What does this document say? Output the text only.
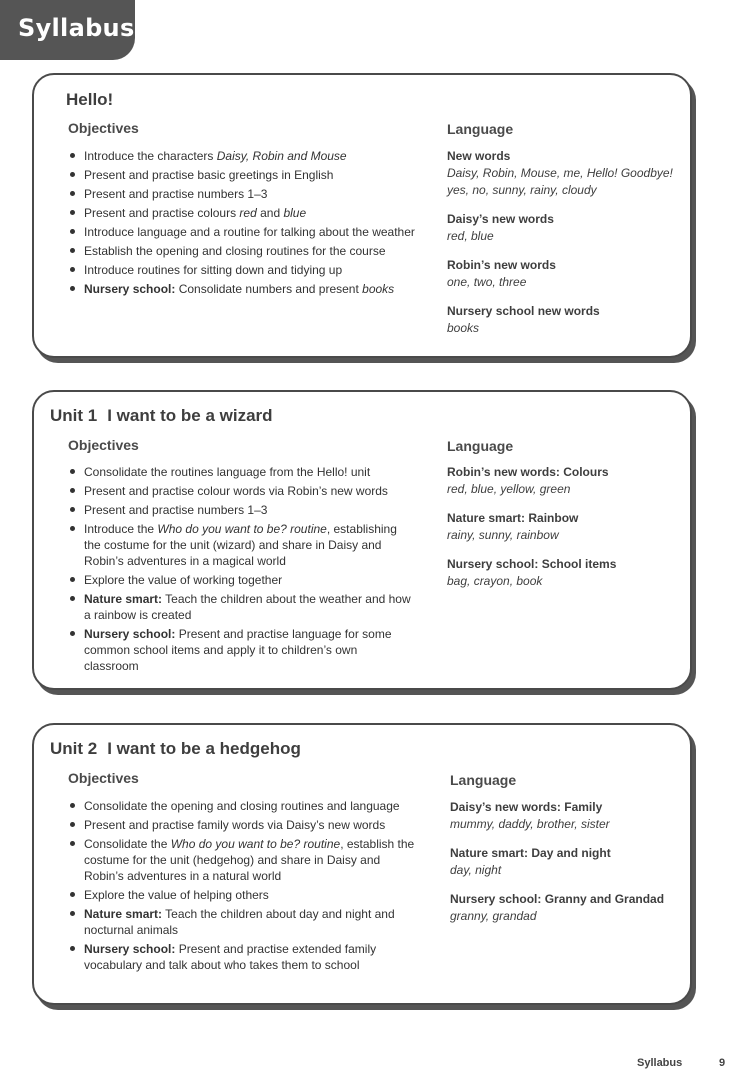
Syllabus
Hello!
Objectives
Introduce the characters Daisy, Robin and Mouse
Present and practise basic greetings in English
Present and practise numbers 1–3
Present and practise colours red and blue
Introduce language and a routine for talking about the weather
Establish the opening and closing routines for the course
Introduce routines for sitting down and tidying up
Nursery school: Consolidate numbers and present books
Language
New words
Daisy, Robin, Mouse, me, Hello! Goodbye! yes, no, sunny, rainy, cloudy
Daisy’s new words
red, blue
Robin’s new words
one, two, three
Nursery school new words
books
Unit 1 I want to be a wizard
Objectives
Consolidate the routines language from the Hello! unit
Present and practise colour words via Robin’s new words
Present and practise numbers 1–3
Introduce the Who do you want to be? routine, establishing the costume for the unit (wizard) and share in Daisy and Robin’s adventures in a magical world
Explore the value of working together
Nature smart: Teach the children about the weather and how a rainbow is created
Nursery school: Present and practise language for some common school items and apply it to children’s own classroom
Language
Robin’s new words: Colours
red, blue, yellow, green
Nature smart: Rainbow
rainy, sunny, rainbow
Nursery school: School items
bag, crayon, book
Unit 2 I want to be a hedgehog
Objectives
Consolidate the opening and closing routines and language
Present and practise family words via Daisy’s new words
Consolidate the Who do you want to be? routine, establish the costume for the unit (hedgehog) and share in Daisy and Robin’s adventures in a natural world
Explore the value of helping others
Nature smart: Teach the children about day and night and nocturnal animals
Nursery school: Present and practise extended family vocabulary and talk about who takes them to school
Language
Daisy’s new words: Family
mummy, daddy, brother, sister
Nature smart: Day and night
day, night
Nursery school: Granny and Grandad
granny, grandad
Syllabus	9
